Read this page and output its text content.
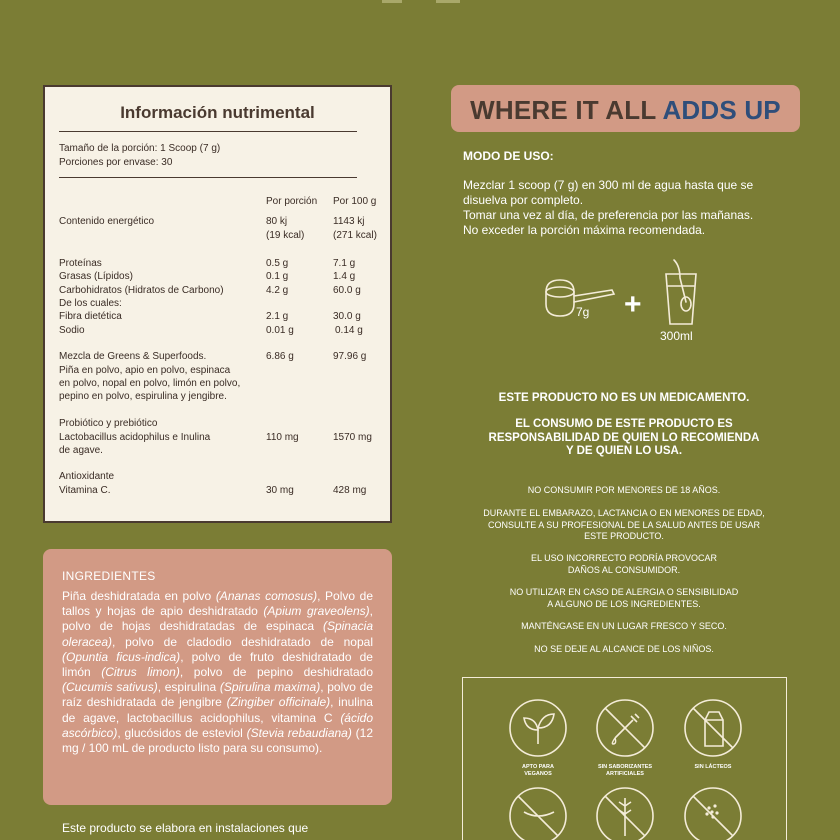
Información nutrimental
Tamaño de la porción: 1 Scoop (7 g)
Porciones por envase: 30
Por porción Por 100 g
Contenido energético	80 kj	1143 kj
(19 kcal)	(271 kcal)
Proteínas	0.5 g	7.1 g
Grasas (Lípidos)	0.1 g	1.4 g
Carbohidratos (Hidratos de Carbono)	4.2 g	60.0 g
De los cuales:
Fibra dietética	2.1 g	30.0 g
Sodio	0.01 g	0.14 g
Mezcla de Greens & Superfoods.	6.86 g	97.96 g
Piña en polvo, apio en polvo, espinaca
en polvo, nopal en polvo, limón en polvo,
pepino en polvo, espirulina y jengibre.
Probiótico y prebiótico
Lactobacillus acidophilus e Inulina
de agave.
110 mg	1570 mg
Antioxidante
Vitamina C.	30 mg	428 mg
INGREDIENTES

Piña deshidratada en polvo (Ananas comosus), Polvo de tallos y hojas de apio deshidratado (Apium graveolens), polvo de hojas deshidratadas de espinaca (Spinacia oleracea), polvo de cladodio deshidratado de nopal (Opuntia ficus-indica), polvo de fruto deshidratado de limón (Citrus limon), polvo de pepino deshidratado (Cucumis sativus), espirulina (Spirulina maxima), polvo de raíz deshidratada de jengibre (Zingiber officinale), inulina de agave, lactobacillus acidophilus, vitamina C (ácido ascórbico), glucósidos de esteviol (Stevia rebaudiana) (12 mg / 100 mL de producto listo para su consumo).

Este producto se elabora en instalaciones que
WHERE IT ALL ADDS UP
MODO DE USO:
Mezclar 1 scoop (7 g) en 300 ml de agua hasta que se
disuelva por completo.
Tomar una vez al día, de preferencia por las mañanas.
No exceder la porción máxima recomendada.
7g +
300ml
ESTE PRODUCTO NO ES UN MEDICAMENTO.
EL CONSUMO DE ESTE PRODUCTO ES
RESPONSABILIDAD DE QUIEN LO RECOMIENDA
Y DE QUIEN LO USA.
NO CONSUMIR POR MENORES DE 18 AÑOS.
DURANTE EL EMBARAZO, LACTANCIA O EN MENORES DE EDAD,
CONSULTE A SU PROFESIONAL DE LA SALUD ANTES DE USAR
ESTE PRODUCTO.
EL USO INCORRECTO PODRÍA PROVOCAR
DAÑOS AL CONSUMIDOR.
NO UTILIZAR EN CASO DE ALERGIA O SENSIBILIDAD
A ALGUNO DE LOS INGREDIENTES.
MANTÉNGASE EN UN LUGAR FRESCO Y SECO.
NO SE DEJE AL ALCANCE DE LOS NIÑOS.
APTO PARA
VEGANOS
SIN SABORIZANTES
ARTIFICIALES
SIN LÁCTEOS
